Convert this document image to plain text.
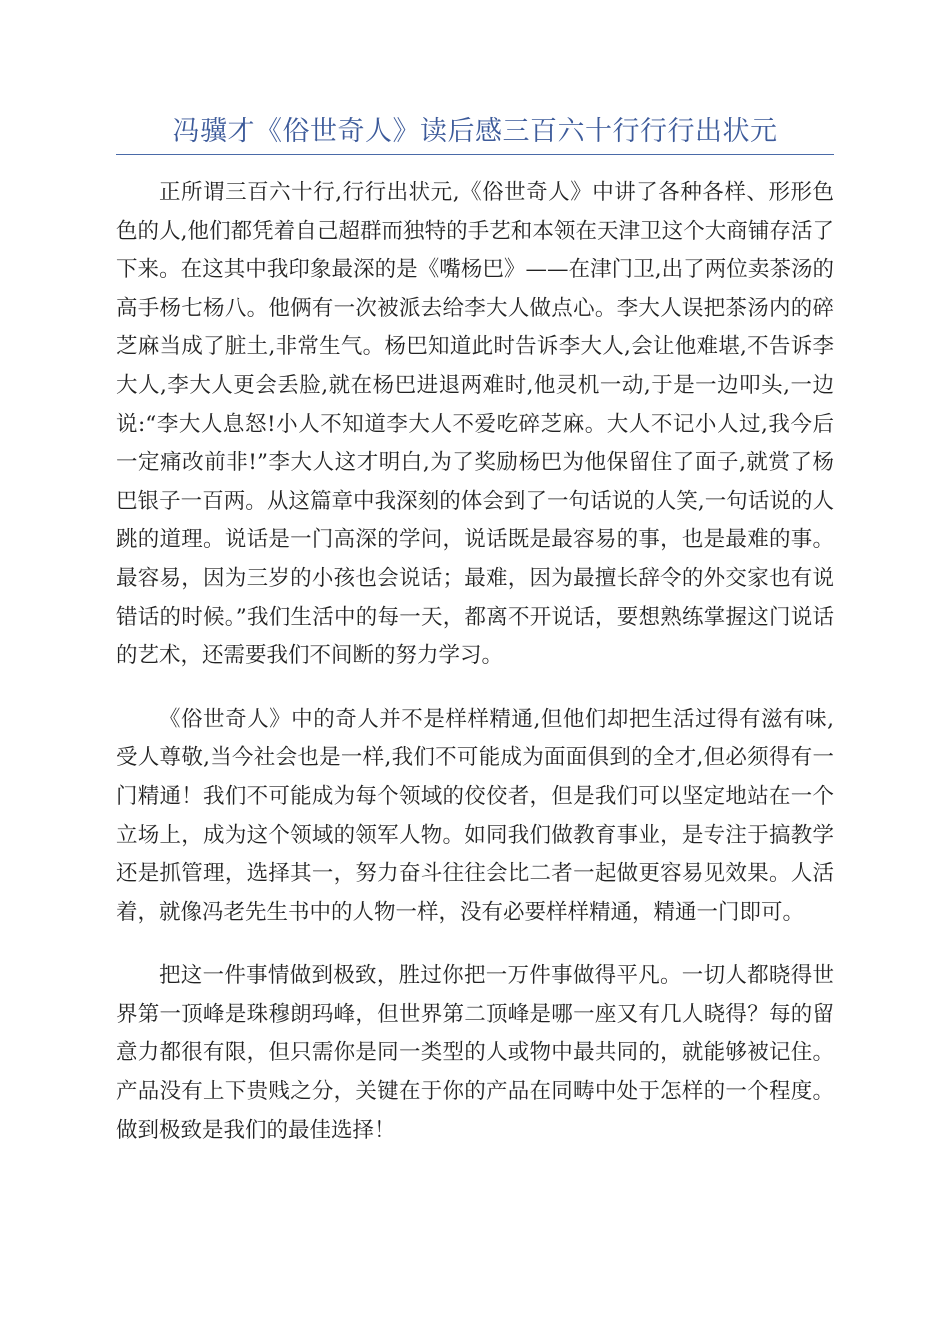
冯骥才《俗世奇人》读后感三百六十行行行出状元

正所谓三百六十行,行行出状元,《俗世奇人》中讲了各种各样、形形色色的人,他们都凭着自己超群而独特的手艺和本领在天津卫这个大商铺存活了下来。在这其中我印象最深的是《嘴杨巴》——在津门卫,出了两位卖茶汤的高手杨七杨八。他俩有一次被派去给李大人做点心。李大人误把茶汤内的碎芝麻当成了脏土,非常生气。杨巴知道此时告诉李大人,会让他难堪,不告诉李大人,李大人更会丢脸,就在杨巴进退两难时,他灵机一动,于是一边叩头,一边说:“李大人息怒!小人不知道李大人不爱吃碎芝麻。大人不记小人过,我今后一定痛改前非!”李大人这才明白,为了奖励杨巴为他保留住了面子,就赏了杨巴银子一百两。从这篇章中我深刻的体会到了一句话说的人笑,一句话说的人跳的道理。说话是一门高深的学问，说话既是最容易的事，也是最难的事。最容易，因为三岁的小孩也会说话；最难，因为最擅长辞令的外交家也有说错话的时候。”我们生活中的每一天，都离不开说话，要想熟练掌握这门说话的艺术，还需要我们不间断的努力学习。

《俗世奇人》中的奇人并不是样样精通,但他们却把生活过得有滋有味,受人尊敬,当今社会也是一样,我们不可能成为面面俱到的全才,但必须得有一门精通！我们不可能成为每个领域的佼佼者，但是我们可以坚定地站在一个立场上，成为这个领域的领军人物。如同我们做教育事业，是专注于搞教学还是抓管理，选择其一，努力奋斗往往会比二者一起做更容易见效果。人活着，就像冯老先生书中的人物一样，没有必要样样精通，精通一门即可。

把这一件事情做到极致，胜过你把一万件事做得平凡。一切人都晓得世界第一顶峰是珠穆朗玛峰，但世界第二顶峰是哪一座又有几人晓得？每的留意力都很有限，但只需你是同一类型的人或物中最共同的，就能够被记住。产品没有上下贵贱之分，关键在于你的产品在同畴中处于怎样的一个程度。做到极致是我们的最佳选择！
